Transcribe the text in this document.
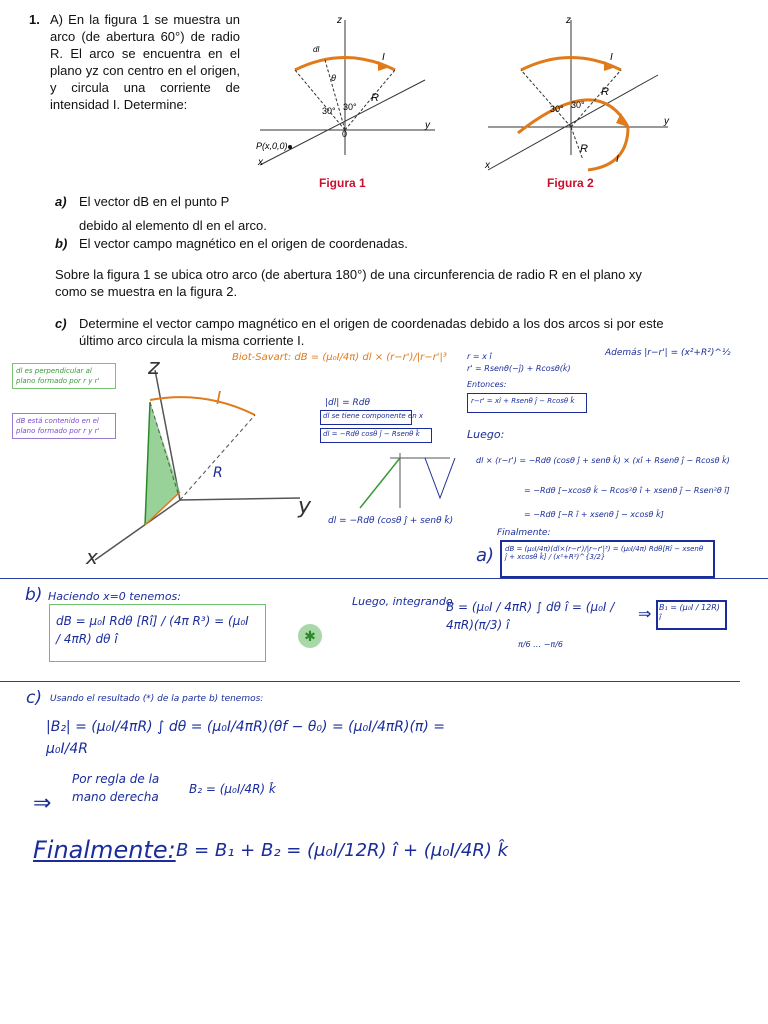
1. A) En la figura 1 se muestra un arco (de abertura 60°) de radio R. El arco se encuentra en el plano yz con centro en el origen, y circula una corriente de intensidad I. Determine:
z
y
x
0
P(x,0,0)
I
R
θ
dl
30° 30°
Figura 1
z
y
x
I
I
R
R
30° 30°
Figura 2
a) El vector dB en el punto P
debido al elemento dl en el arco.
b) El vector campo magnético en el origen de coordenadas.
Sobre la figura 1 se ubica otro arco (de abertura 180°) de una circunferencia de radio R en el plano xy como se muestra en la figura 2.
c) Determine el vector campo magnético en el origen de coordenadas debido a los dos arcos si por este último arco circula la misma corriente I.
dl es perpendicular al plano formado por r y r'
dB está contenido en el plano formado por r y r'
z
y
x
I
R
Biot-Savart: dB = (μ₀I/4π) dl × (r−r')/|r−r'|³
|dl| = Rdθ
dl se tiene componente en x
dl = −Rdθ cosθ ĵ − Rsenθ k̂
dl = −Rdθ (cosθ ĵ + senθ k̂)
Además |r−r'| = (x²+R²)^½
r = x î
r' = Rsenθ(−ĵ) + Rcosθ(k̂)
Entonces:
r−r' = xî + Rsenθ ĵ − Rcosθ k̂
Luego:
dl × (r−r') = −Rdθ (cosθ ĵ + senθ k̂) × (xî + Rsenθ ĵ − Rcosθ k̂)
= −Rdθ [−xcosθ k̂ − Rcos²θ î + xsenθ ĵ − Rsen²θ î]
= −Rdθ [−R î + xsenθ ĵ − xcosθ k̂]
Finalmente:
a) dB = (μ₀I/4π)(dl×(r−r')/|r−r'|³) = (μ₀I/4π) Rdθ[Rî − xsenθ ĵ + xcosθ k̂] / (x²+R²)^{3/2}
b) Haciendo x=0 tenemos:
dB = μ₀I Rdθ [Rî] / (4π R³) = (μ₀I / 4πR) dθ î	✱
Luego, integrando
B = (μ₀I / 4πR) ∫ dθ î = (μ₀I / 4πR)(π/3) î
π/6 … −π/6
⇒ B₁ = (μ₀I / 12R) î
c) Usando el resultado (*) de la parte b) tenemos:
|B₂| = (μ₀I/4πR) ∫ dθ = (μ₀I/4πR)(θf − θ₀) = (μ₀I/4πR)(π) = μ₀I/4R
Por regla de la mano derecha
⇒
B₂ = (μ₀I/4R) k̂
Finalmente: B = B₁ + B₂ = (μ₀I/12R) î + (μ₀I/4R) k̂
